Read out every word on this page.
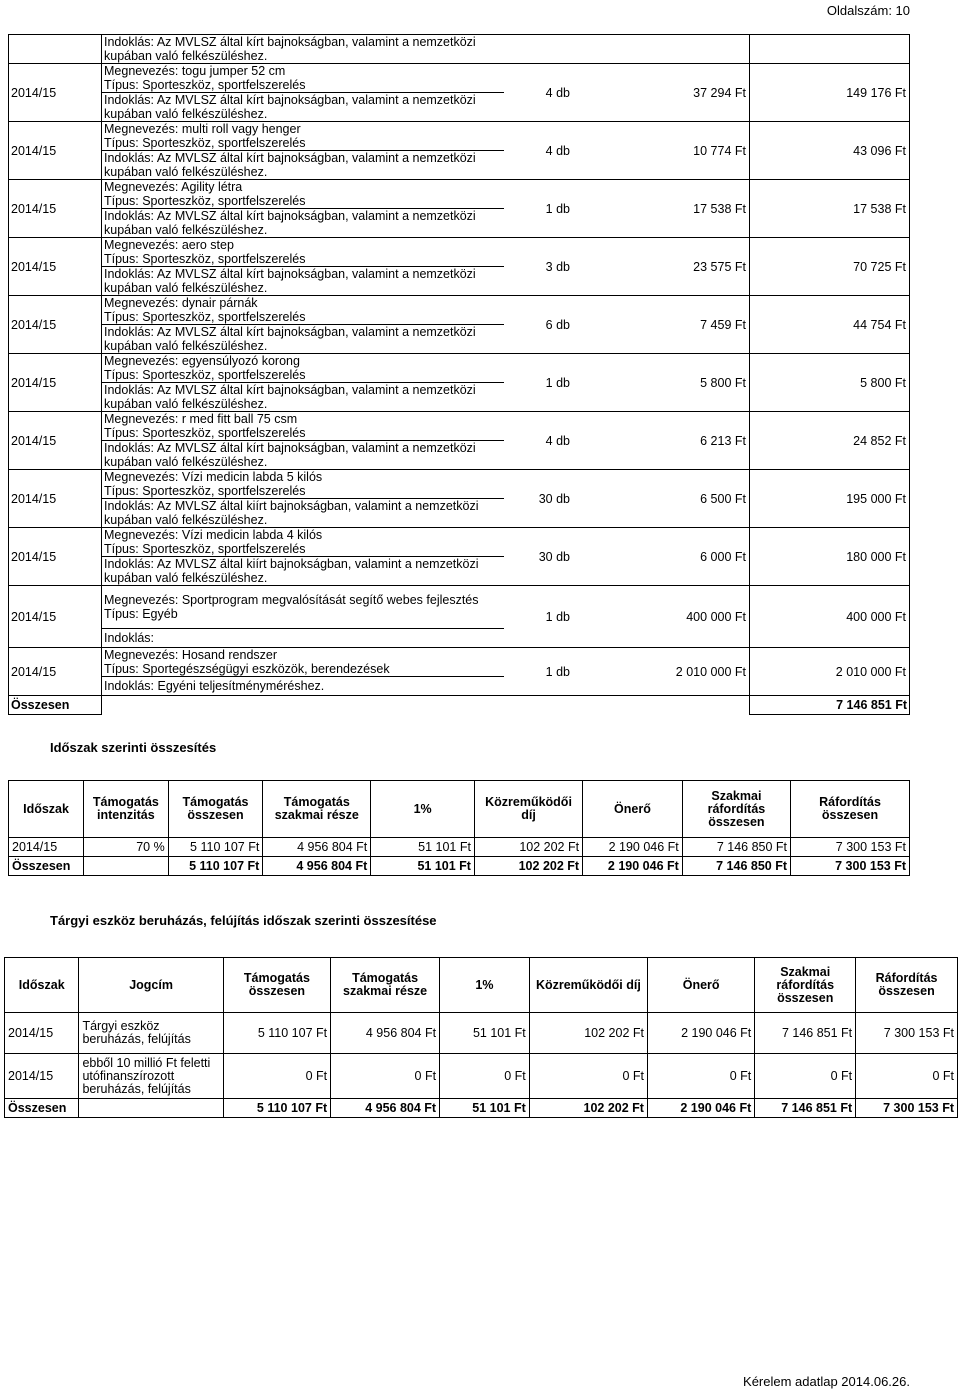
Oldalszám: 10
	Indoklás: Az MVLSZ által kírt bajnokságban, valamint a nemzetközi kupában való felkészüléshez.			
2014/15	Megnevezés: togu jumper 52 cm
Típus: Sporteszköz, sportfelszerelés	4 db	37 294 Ft	149 176 Ft
	Indoklás: Az MVLSZ által kírt bajnokságban, valamint a nemzetközi kupában való felkészüléshez.			
2014/15	Megnevezés: multi roll vagy henger
Típus: Sporteszköz, sportfelszerelés	4 db	10 774 Ft	43 096 Ft
	Indoklás: Az MVLSZ által kírt bajnokságban, valamint a nemzetközi kupában való felkészüléshez.			
2014/15	Megnevezés: Agility létra
Típus: Sporteszköz, sportfelszerelés	1 db	17 538 Ft	17 538 Ft
	Indoklás: Az MVLSZ által kírt bajnokságban, valamint a nemzetközi kupában való felkészüléshez.			
2014/15	Megnevezés: aero step
Típus: Sporteszköz, sportfelszerelés	3 db	23 575 Ft	70 725 Ft
	Indoklás: Az MVLSZ által kírt bajnokságban, valamint a nemzetközi kupában való felkészüléshez.			
2014/15	Megnevezés: dynair párnák
Típus: Sporteszköz, sportfelszerelés	6 db	7 459 Ft	44 754 Ft
	Indoklás: Az MVLSZ által kírt bajnokságban, valamint a nemzetközi kupában való felkészüléshez.			
2014/15	Megnevezés: egyensúlyozó korong
Típus: Sporteszköz, sportfelszerelés	1 db	5 800 Ft	5 800 Ft
	Indoklás: Az MVLSZ által kírt bajnokságban, valamint a nemzetközi kupában való felkészüléshez.			
2014/15	Megnevezés: r med fitt ball 75 csm
Típus: Sporteszköz, sportfelszerelés	4 db	6 213 Ft	24 852 Ft
	Indoklás: Az MVLSZ által kírt bajnokságban, valamint a nemzetközi kupában való felkészüléshez.			
2014/15	Megnevezés: Vízi medicin labda 5 kilós
Típus: Sporteszköz, sportfelszerelés	30 db	6 500 Ft	195 000 Ft
	Indoklás: Az MVLSZ által kiírt bajnokságban, valamint a nemzetközi kupában való felkészüléshez.			
2014/15	Megnevezés: Vízi medicin labda 4 kilós
Típus: Sporteszköz, sportfelszerelés	30 db	6 000 Ft	180 000 Ft
	Indoklás: Az MVLSZ által kiírt bajnokságban, valamint a nemzetközi kupában való felkészüléshez.			
2014/15	Megnevezés: Sportprogram megvalósítását segítő webes fejlesztés
Típus: Egyéb	1 db	400 000 Ft	400 000 Ft
	Indoklás:			
2014/15	Megnevezés: Hosand rendszer
Típus: Sportegészségügyi eszközök, berendezések	1 db	2 010 000 Ft	2 010 000 Ft
	Indoklás: Egyéni teljesítményméréshez.			
Összesen				7 146 851 Ft
Időszak szerinti összesítés
Időszak	Támogatás intenzitás	Támogatás összesen	Támogatás szakmai része	1%	Közreműködői díj	Önerő	Szakmai ráfordítás összesen	Ráfordítás összesen
2014/15	70 %	5 110 107 Ft	4 956 804 Ft	51 101 Ft	102 202 Ft	2 190 046 Ft	7 146 850 Ft	7 300 153 Ft
Összesen		5 110 107 Ft	4 956 804 Ft	51 101 Ft	102 202 Ft	2 190 046 Ft	7 146 850 Ft	7 300 153 Ft
Tárgyi eszköz beruházás, felújítás időszak szerinti összesítése
Időszak	Jogcím	Támogatás összesen	Támogatás szakmai része	1%	Közreműködői díj	Önerő	Szakmai ráfordítás összesen	Ráfordítás összesen
2014/15	Tárgyi eszköz beruházás, felújítás	5 110 107 Ft	4 956 804 Ft	51 101 Ft	102 202 Ft	2 190 046 Ft	7 146 851 Ft	7 300 153 Ft
2014/15	ebből 10 millió Ft feletti utófinanszírozott beruházás, felújítás	0 Ft	0 Ft	0 Ft	0 Ft	0 Ft	0 Ft	0 Ft
Összesen		5 110 107 Ft	4 956 804 Ft	51 101 Ft	102 202 Ft	2 190 046 Ft	7 146 851 Ft	7 300 153 Ft
Kérelem adatlap 2014.06.26.
